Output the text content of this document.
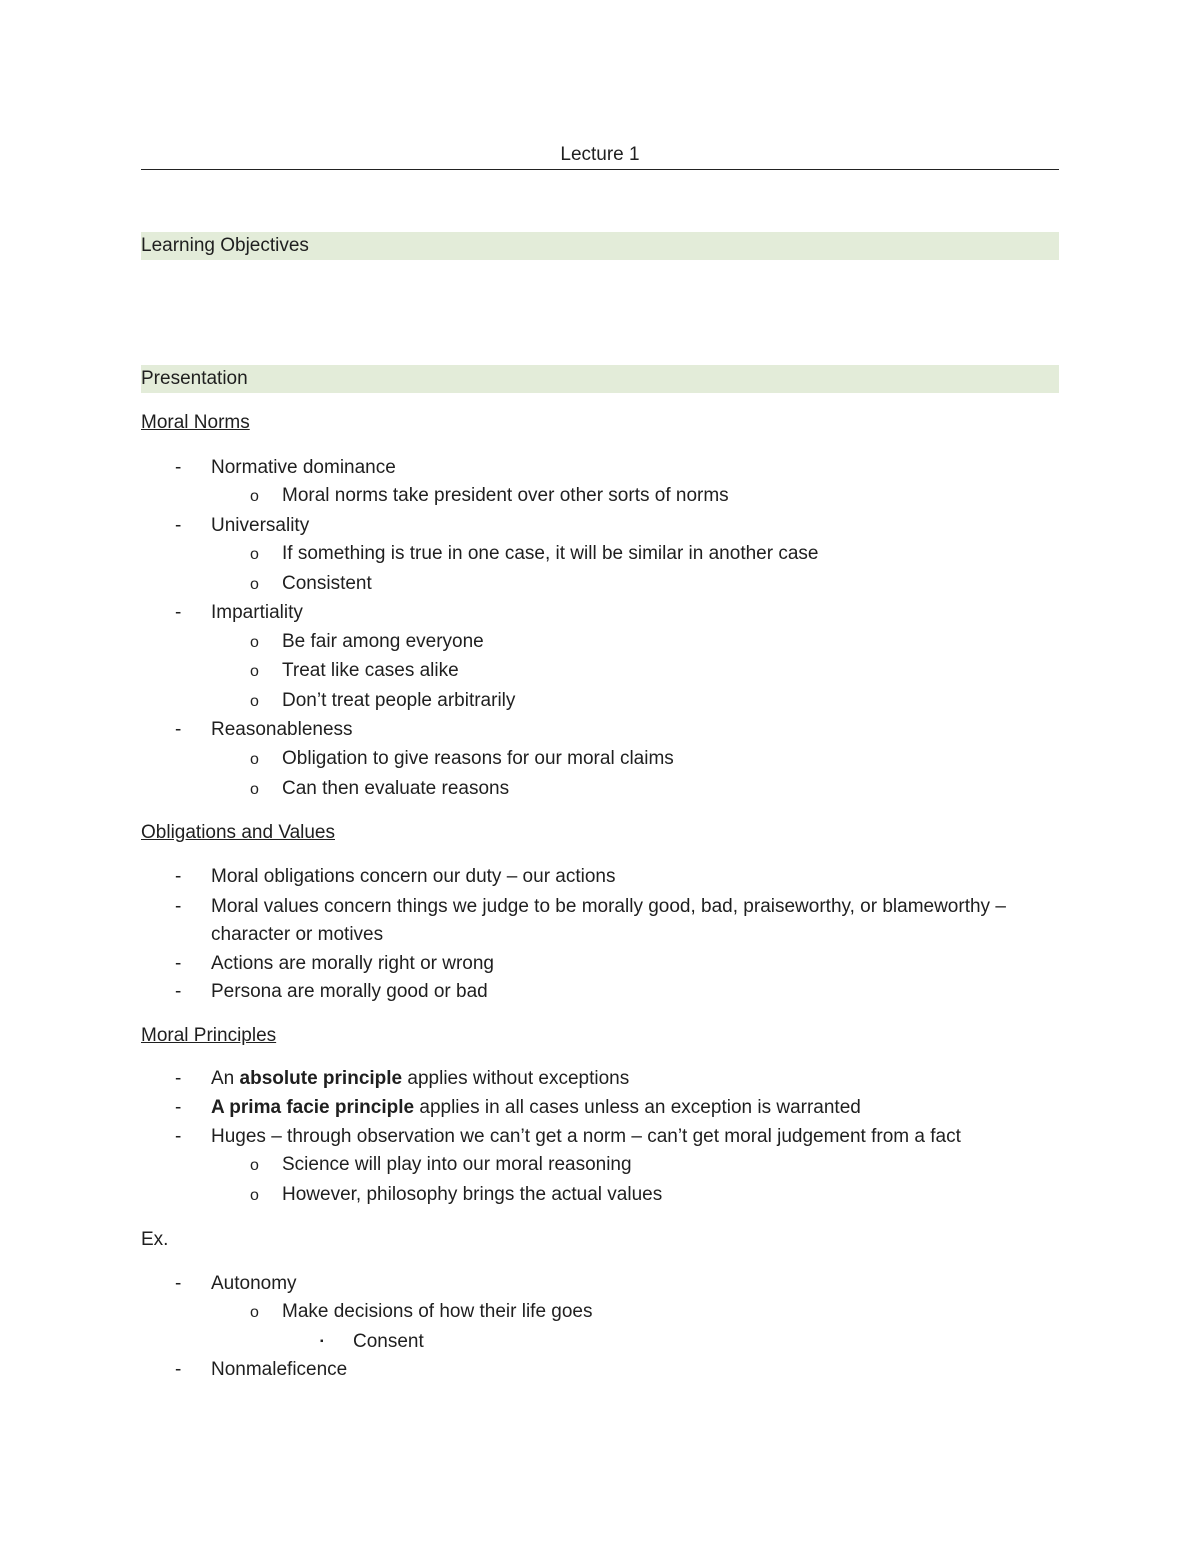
Lecture 1
Learning Objectives
Presentation
Moral Norms
-	Normative dominance
o Moral norms take president over other sorts of norms
-	Universality
o If something is true in one case, it will be similar in another case
o Consistent
-	Impartiality
o Be fair among everyone
o Treat like cases alike
o Don’t treat people arbitrarily
-	Reasonableness
o Obligation to give reasons for our moral claims
o Can then evaluate reasons
Obligations and Values
-	Moral obligations concern our duty – our actions
-	Moral values concern things we judge to be morally good, bad, praiseworthy, or blameworthy –
character or motives
-	Actions are morally right or wrong
-	Persona are morally good or bad
Moral Principles
-	An absolute principle applies without exceptions
-	A prima facie principle applies in all cases unless an exception is warranted
-	Huges – through observation we can’t get a norm – can’t get moral judgement from a fact
o Science will play into our moral reasoning
o However, philosophy brings the actual values
Ex.
-	Autonomy
o Make decisions of how their life goes
▪ Consent
-	Nonmaleficence
